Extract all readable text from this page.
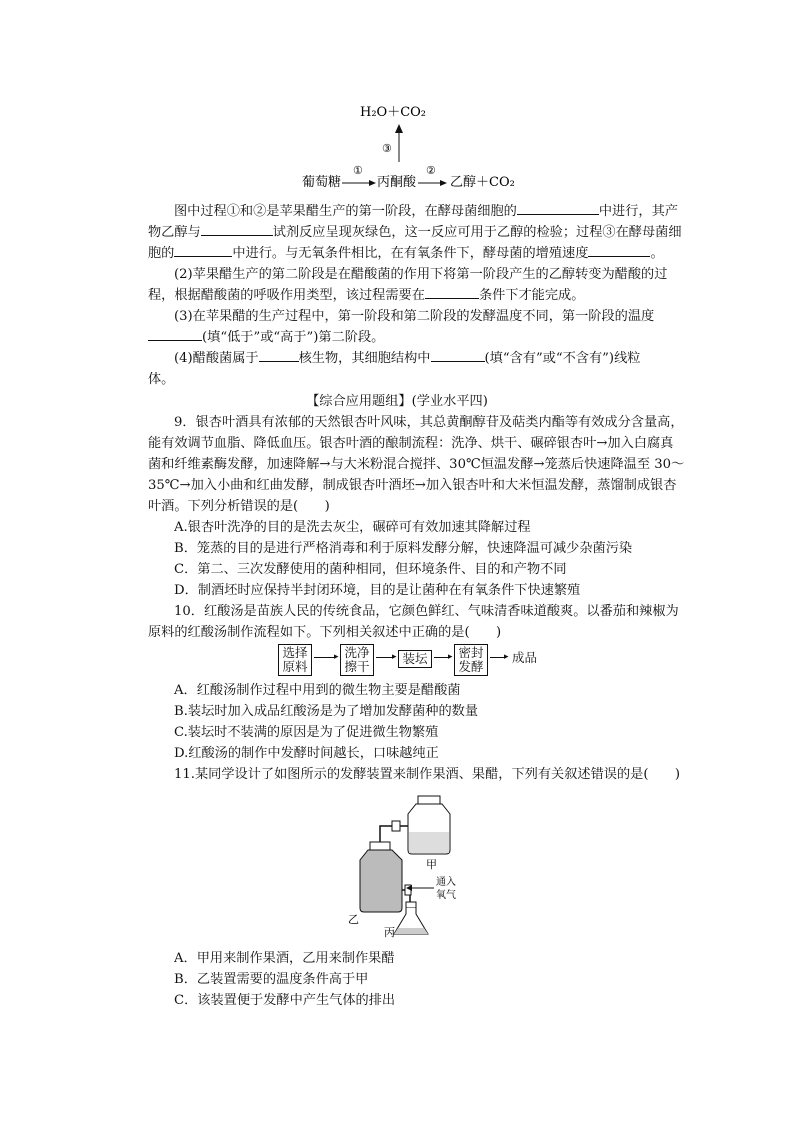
H₂O＋CO₂
③
葡萄糖
①
丙酮酸
②
乙醇＋CO₂
图中过程①和②是苹果醋生产的第一阶段，在酵母菌细胞的	中进行，其产
物乙醇与	试剂反应呈现灰绿色，这一反应可用于乙醇的检验；过程③在酵母菌细
胞的	中进行。与无氧条件相比，在有氧条件下，酵母菌的增殖速度	。
(2)苹果醋生产的第二阶段是在醋酸菌的作用下将第一阶段产生的乙醇转变为醋酸的过
程，根据醋酸菌的呼吸作用类型，该过程需要在	条件下才能完成。
(3)在苹果醋的生产过程中，第一阶段和第二阶段的发酵温度不同，第一阶段的温度
(填“低于”或“高于”)第二阶段。
(4)醋酸菌属于	核生物，其细胞结构中	(填“含有”或“不含有”)线粒
体。
【综合应用题组】(学业水平四)
9．银杏叶酒具有浓郁的天然银杏叶风味，其总黄酮醇苷及萜类内酯等有效成分含量高，
能有效调节血脂、降低血压。银杏叶酒的酿制流程：洗净、烘干、碾碎银杏叶→加入白腐真
菌和纤维素酶发酵，加速降解→与大米粉混合搅拌、30℃恒温发酵→笼蒸后快速降温至 30～
35℃→加入小曲和红曲发酵，制成银杏叶酒坯→加入银杏叶和大米恒温发酵，蒸馏制成银杏
叶酒。下列分析错误的是(　　)
A.银杏叶洗净的目的是洗去灰尘，碾碎可有效加速其降解过程
B．笼蒸的目的是进行严格消毒和利于原料发酵分解，快速降温可减少杂菌污染
C．第二、三次发酵使用的菌种相同，但环境条件、目的和产物不同
D．制酒坯时应保持半封闭环境，目的是让菌种在有氧条件下快速繁殖
10．红酸汤是苗族人民的传统食品，它颜色鲜红、气味清香味道酸爽。以番茄和辣椒为
原料的红酸汤制作流程如下。下列相关叙述中正确的是(　　)
选择原料
▸ 洗净擦干
▸ 装坛	▸ 密封发酵
▸ 成品
A．红酸汤制作过程中用到的微生物主要是醋酸菌
B.装坛时加入成品红酸汤是为了增加发酵菌种的数量
C.装坛时不装满的原因是为了促进微生物繁殖
D.红酸汤的制作中发酵时间越长，口味越纯正
11.某同学设计了如图所示的发酵装置来制作果酒、果醋，下列有关叙述错误的是(　　)
甲
乙
通入
氧气
丙
A．甲用来制作果酒，乙用来制作果醋
B．乙装置需要的温度条件高于甲
C．该装置便于发酵中产生气体的排出
